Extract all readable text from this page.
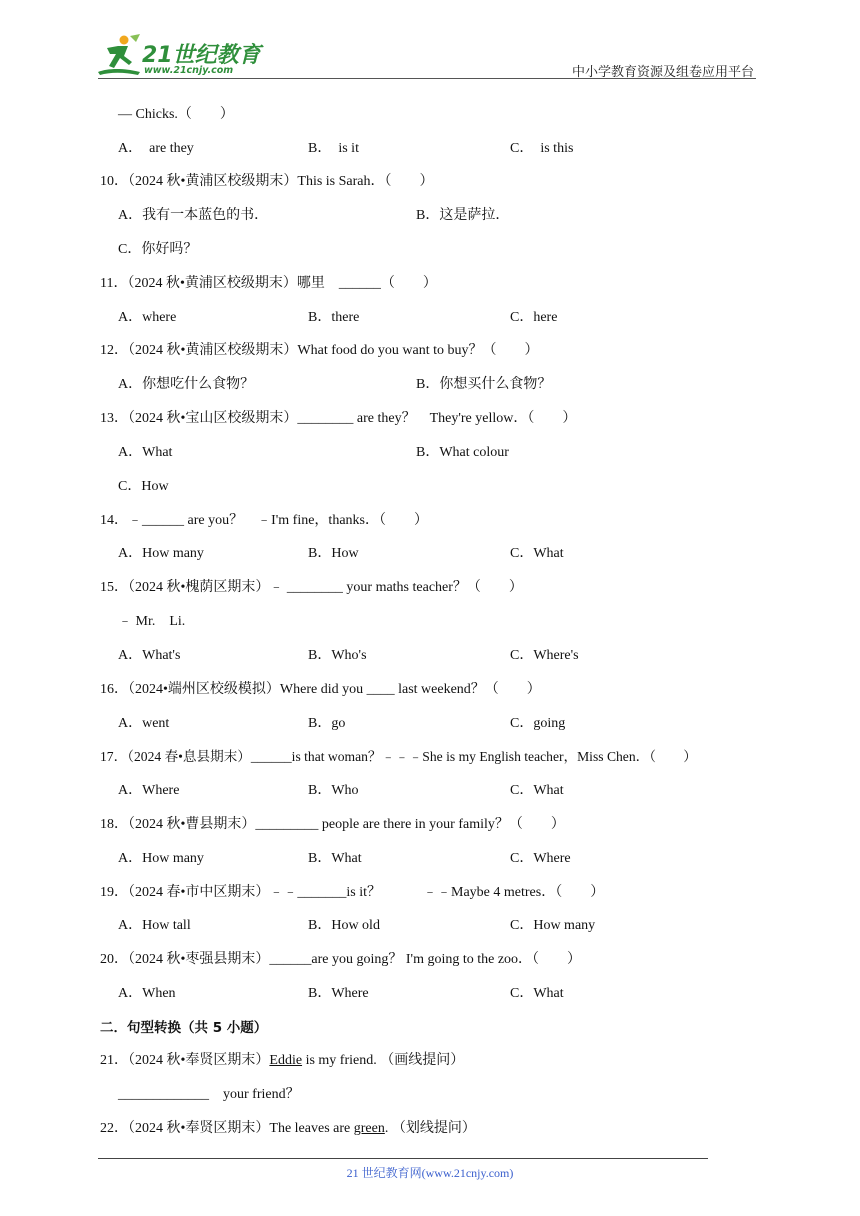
21世纪教育
www.21cnjy.com	中小学教育资源及组卷应用平台
— Chicks.（　　）
A．　are they	B．　is it	C．　is this
10．（2024 秋•黄浦区校级期末）This is Sarah．（　　）
A．我有一本蓝色的书．	B．这是萨拉．
C．你好吗？
11．（2024 秋•黄浦区校级期末）哪里　______（　　）
A．where	B．there	C．here
12．（2024 秋•黄浦区校级期末）What food do you want to buy？（　　）
A．你想吃什么食物？	B．你想买什么食物？
13．（2024 秋•宝山区校级期末）________ are they？　They're yellow．（　　）
A．What	B．What colour
C．How
14．﹣______ are you？　﹣I'm fine，thanks．（　　）
A．How many	B．How	C．What
15．（2024 秋•槐荫区期末）﹣ ________ your maths teacher？（　　）
﹣ Mr.　Li.
A．What's	B．Who's	C．Where's
16．（2024•端州区校级模拟）Where did you ____ last weekend？（　　）
A．went	B．go	C．going
17．（2024 春•息县期末）______is that woman？﹣﹣﹣She is my English teacher，Miss Chen．（　　）
A．Where	B．Who	C．What
18．（2024 秋•曹县期末）_________ people are there in your family？（　　）
A．How many	B．What	C．Where
19．（2024 春•市中区期末）﹣﹣_______is it？　　　﹣﹣Maybe 4 metres．（　　）
A．How tall	B．How old	C．How many
20．（2024 秋•枣强县期末）______are you going？ I'm going to the zoo．（　　）
A．When	B．Where	C．What
二．句型转换（共 5 小题）
21．（2024 秋•奉贤区期末）Eddie is my friend. （画线提问）
_____________　your friend？
22．（2024 秋•奉贤区期末）The leaves are green. （划线提问）
21 世纪教育网(www.21cnjy.com)
